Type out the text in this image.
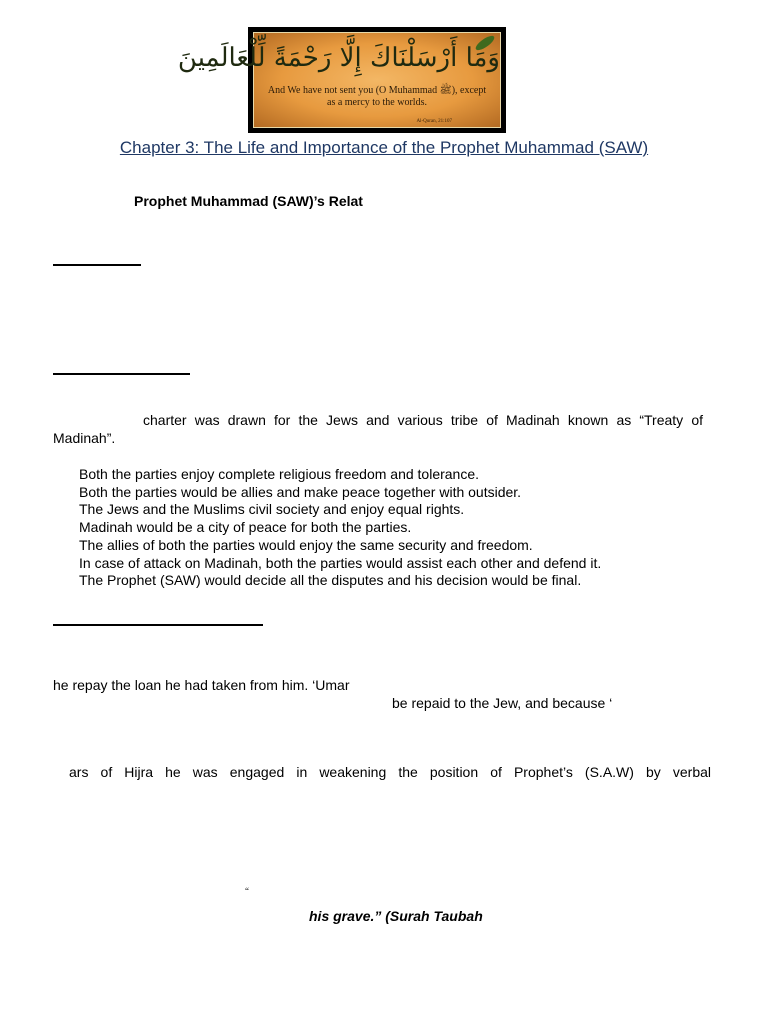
وَمَا أَرْسَلْنَاكَ إِلَّا رَحْمَةً لِّلْعَالَمِينَ
And We have not sent you (O Muhammad ﷺ), except
as a mercy to the worlds.
Al-Quran, 21:107
Chapter 3: The Life and Importance of the Prophet Muhammad (SAW)
Prophet Muhammad (SAW)’s Relat
charter was drawn for the Jews and various tribe of Madinah known as “Treaty of
Madinah”.
Both the parties enjoy complete religious freedom and tolerance.
Both the parties would be allies and make peace together with outsider.
The Jews and the Muslims civil society and enjoy equal rights.
Madinah would be a city of peace for both the parties.
The allies of both the parties would enjoy the same security and freedom.
In case of attack on Madinah, both the parties would assist each other and defend it.
The Prophet (SAW) would decide all the disputes and his decision would be final.
he repay the loan he had taken from him. ‘Umar
be repaid to the Jew, and because ‘
ars of Hijra he was engaged in weakening the position of Prophet’s (S.A.W) by verbal
“
his grave.” (Surah Taubah
